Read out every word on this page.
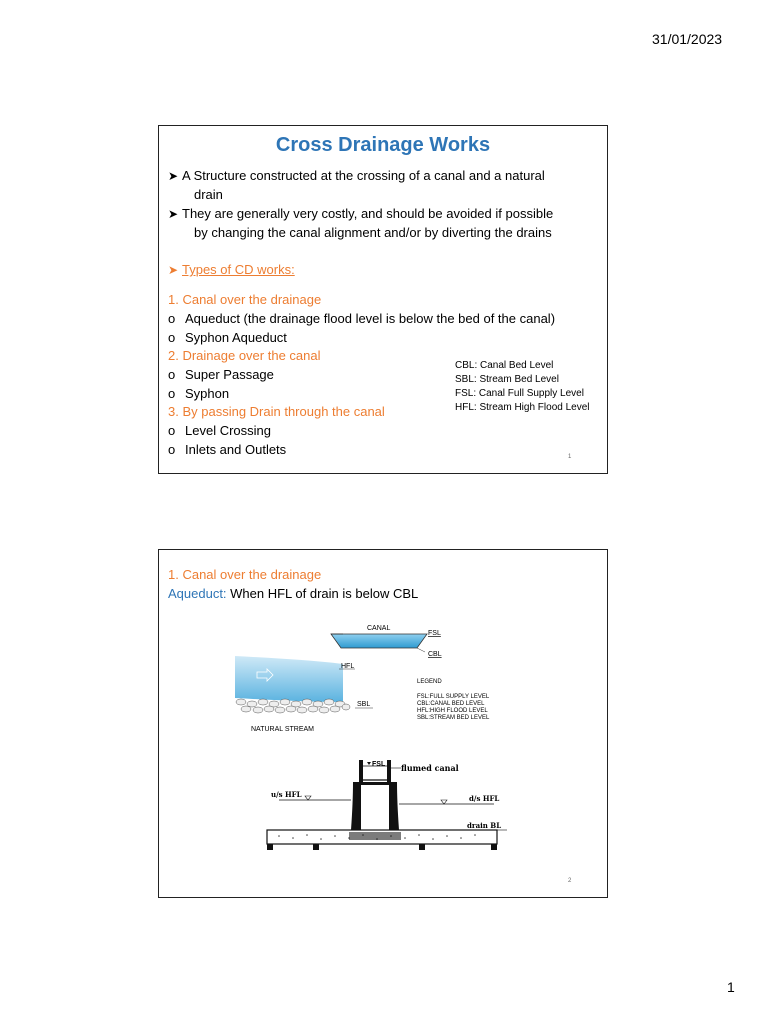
31/01/2023
Cross Drainage Works
➤ A Structure constructed at the crossing of a canal and a natural
drain
➤ They are generally very costly, and should be avoided if possible
by changing the canal alignment and/or by diverting the drains
➤ Types of CD works:
1. Canal over the drainage
o Aqueduct (the drainage flood level is below the bed of the canal)
o Syphon Aqueduct
2. Drainage over the canal
o Super Passage
o Syphon
3. By passing Drain through the canal
o Level Crossing
o Inlets and Outlets
CBL: Canal Bed Level
SBL: Stream Bed Level
FSL: Canal Full Supply Level
HFL: Stream High Flood Level
1
1. Canal over the drainage
Aqueduct: When HFL of drain is below CBL
CANAL
FSL
CBL
HFL
SBL
NATURAL STREAM
LEGEND
FSL:FULL SUPPLY LEVEL
CBL:CANAL BED LEVEL
HFL:HIGH FLOOD LEVEL
SBL:STREAM BED LEVEL
FSL flumed canal
u/s HFL	d/s HFL
drain BL
2
1
